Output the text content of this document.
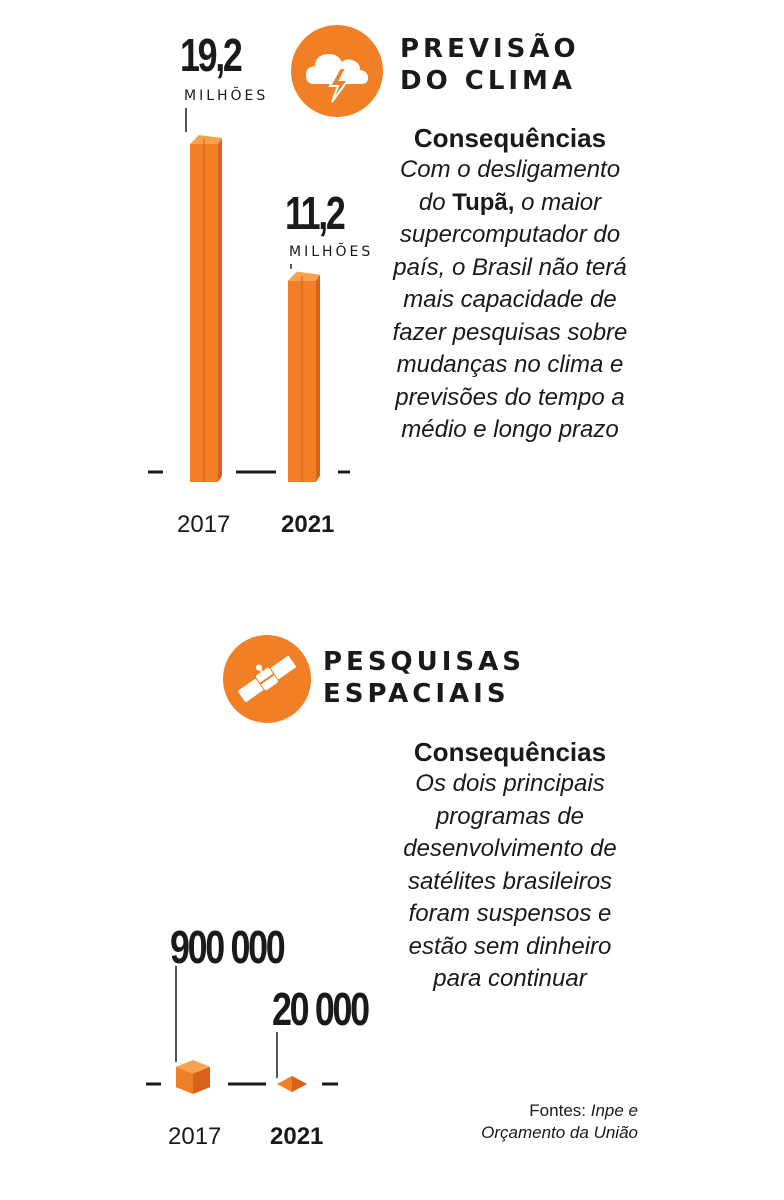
PREVISÃO
DO CLIMA
19,2
MILHÕES
11,2
MILHÕES
2017 2021
Consequências
Com o desligamento do Tupã, o maior supercomputador do país, o Brasil não terá mais capacidade de fazer pesquisas sobre mudanças no clima e previsões do tempo a médio e longo prazo
PESQUISAS
ESPACIAIS
Consequências
Os dois principais programas de desenvolvimento de satélites brasileiros foram suspensos e estão sem dinheiro para continuar
900 000
20 000
2017 2021
Fontes: Inpe e
Orçamento da União
